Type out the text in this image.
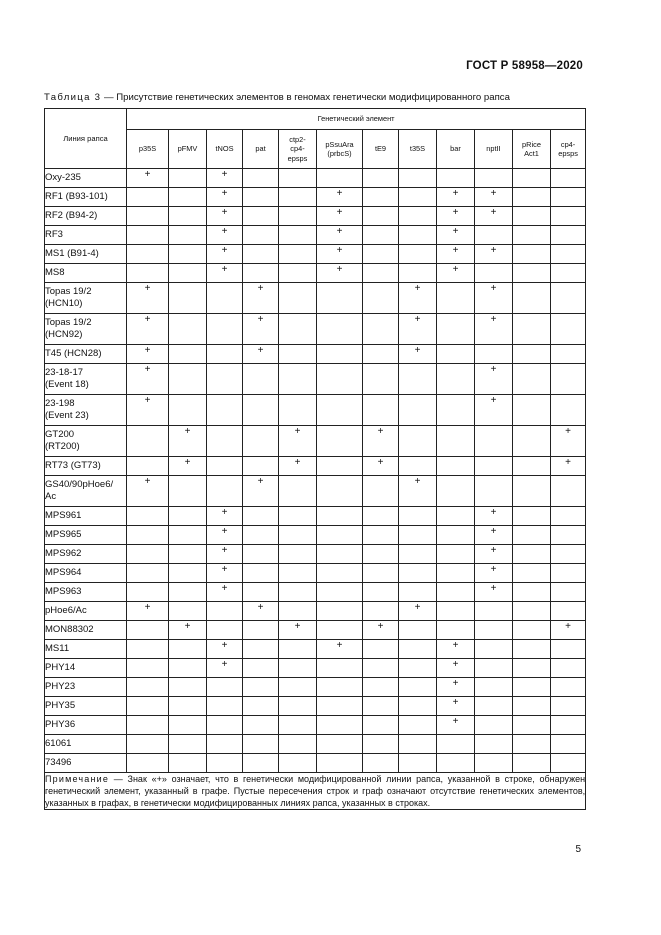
ГОСТ Р 58958—2020
Таблица 3 — Присутствие генетических элементов в геномах генетически модифицированного рапса
Линия рапса	Генетический элемент											
	p35S	pFMV	tNOS	pat	ctp2-
cp4-
epsps	pSsuAra
(prbcS)	tE9	t35S	bar	nptII	pRice
Act1	cp4-
epsps
Oxy-235	+		+									
RF1 (B93-101)			+			+			+	+		
RF2 (B94-2)			+			+			+	+		
RF3			+			+			+			
MS1 (B91-4)			+			+			+	+		
MS8			+			+			+			
Topas 19/2
(HCN10)	+			+				+		+		
Topas 19/2
(HCN92)	+			+				+		+		
T45 (HCN28)	+			+				+				
23-18-17
(Event 18)	+									+		
23-198
(Event 23)	+									+		
GT200
(RT200)		+			+		+					+
RT73 (GT73)		+			+		+					+
GS40/90pHoe6/
Ac	+			+				+				
MPS961			+							+		
MPS965			+							+		
MPS962			+							+		
MPS964			+							+		
MPS963			+							+		
pHoe6/Ac	+			+				+				
MON88302		+			+		+					+
MS11			+			+			+			
PHY14			+						+			
PHY23									+			
PHY35									+			
PHY36									+			
61061												
73496												
Примечание — Знак «+» означает, что в генетически модифицированной линии рапса, указанной в строке, обнаружен генетический элемент, указанный в графе. Пустые пересечения строк и граф означают отсутствие генетических элементов, указанных в графах, в генетически модифицированных линиях рапса, указанных в строках.												
5
